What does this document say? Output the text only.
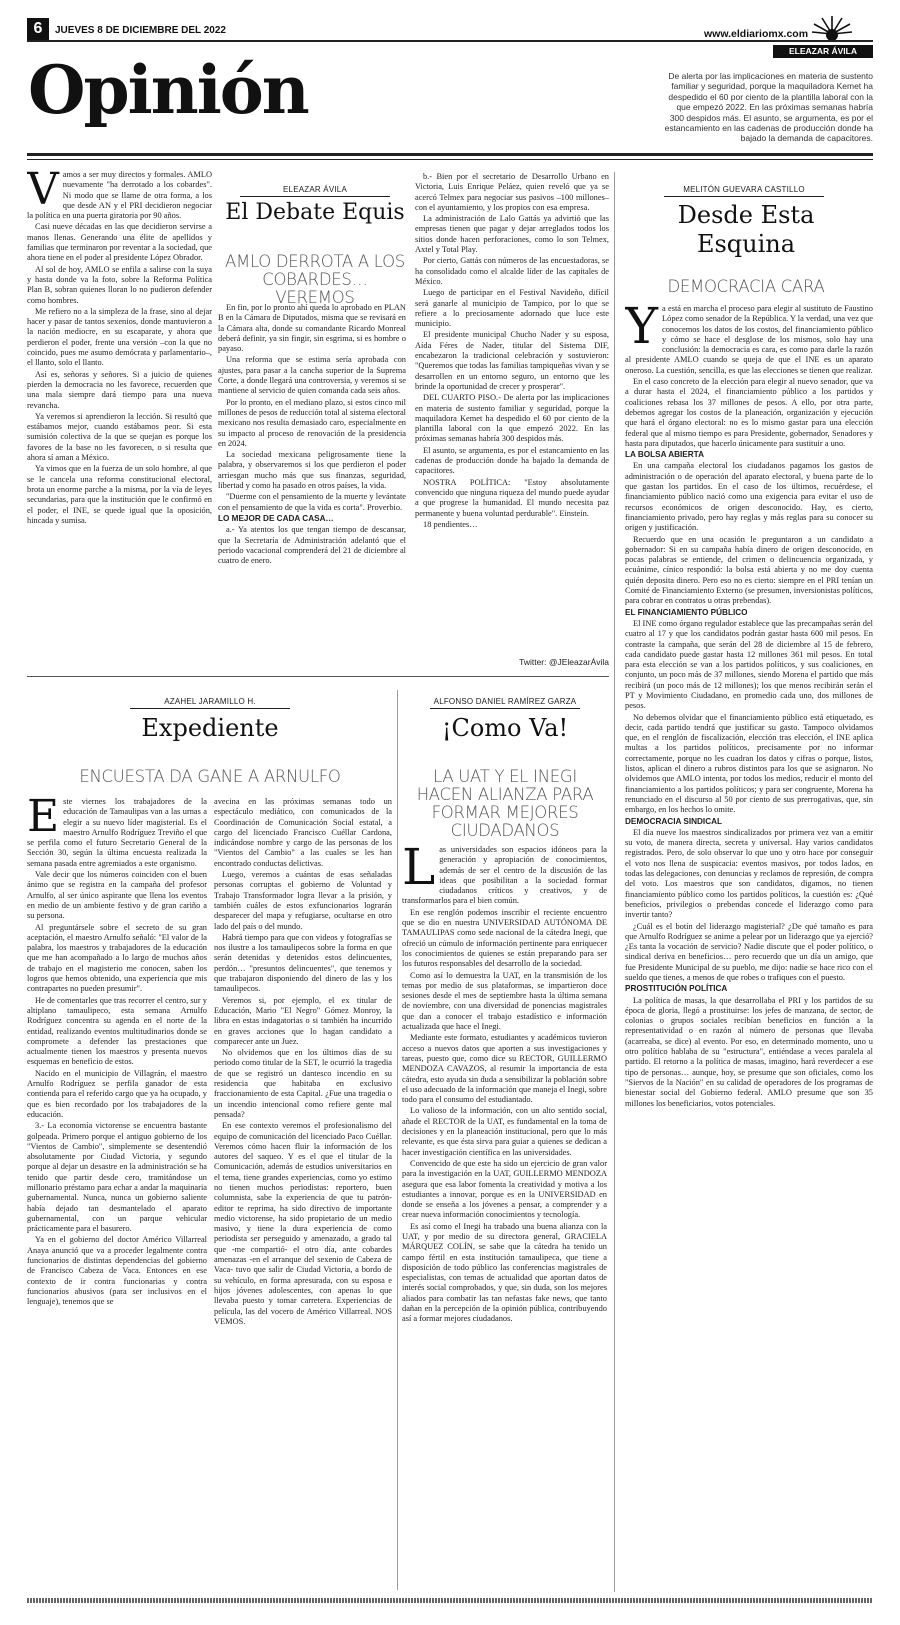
6	JUEVES 8 DE DICIEMBRE DEL 2022	www.eldiariomx.com
ELEAZAR ÁVILA
Opinión	De alerta por las implicaciones en materia de sustento familiar y seguridad, porque la maquiladora Kemet ha despedido el 60 por ciento de la plantilla laboral con la que empezó 2022. En las próximas semanas habría 300 despidos más. El asunto, se argumenta, es por el estancamiento en las cadenas de producción donde ha bajado la demanda de capacitores.

Vamos a ser muy directos y formales. AMLO nuevamente "ha derrotado a los cobardes". Ni modo que se llame de otra forma, a los que desde AN y el PRI decidieron negociar la política en una puerta giratoria por 90 años.

Casi nueve décadas en las que decidieron servirse a manos llenas. Generando una élite de apellidos y familias que terminaron por reventar a la sociedad, que ahora tiene en el poder al presidente López Obrador.

Al sol de hoy, AMLO se enfila a salirse con la suya y hasta donde va la foto, sobre la Reforma Política Plan B, sobran quienes lloran lo no pudieron defender como hombres.

Me refiero no a la simpleza de la frase, sino al dejar hacer y pasar de tantos sexenios, donde mantuvieron a la nación mediocre, en su escaparate, y ahora que perdieron el poder, frente una versión –con la que no coincido, pues me asumo demócrata y parlamentario–, el llanto, solo el llanto.

Así es, señoras y señores. Si a juicio de quienes pierden la democracia no les favorece, recuerden que una mala siempre dará tiempo para una nueva revancha.

Ya veremos si aprendieron la lección. Si resultó que estábamos mejor, cuando estábamos peor. Si esta sumisión colectiva de la que se quejan es porque los favores de la base no les favorecen, o si resulta que ahora sí aman a México.

Ya vimos que en la fuerza de un solo hombre, al que se le cancela una reforma constitucional electoral, brota un enorme parche a la misma, por la vía de leyes secundarias, para que la institución que le confirmó en el poder, el INE, se quede igual que la oposición, hincada y sumisa.

ELEAZAR ÁVILA
El Debate Equis
AMLO DERROTA A LOS COBARDES… VEREMOS

En fin, por lo pronto ahí queda lo aprobado en PLAN B en la Cámara de Diputados, misma que se revisará en la Cámara alta, donde su comandante Ricardo Monreal deberá definir, ya sin fingir, sin esgrima, si es hombre o payaso.

Una reforma que se estima sería aprobada con ajustes, para pasar a la cancha superior de la Suprema Corte, a donde llegará una controversia, y veremos si se mantiene al servicio de quien comanda cada seis años.

Por lo pronto, en el mediano plazo, si estos cinco mil millones de pesos de reducción total al sistema electoral mexicano nos resulta demasiado caro, especialmente en su impacto al proceso de renovación de la presidencia en 2024.

La sociedad mexicana peligrosamente tiene la palabra, y observaremos si los que perdieron el poder arriesgan mucho más que sus finanzas, seguridad, libertad y como ha pasado en otros países, la vida.

"Duerme con el pensamiento de la muerte y levántate con el pensamiento de que la vida es corta". Proverbio.

LO MEJOR DE CADA CASA…

a.- Ya atentos los que tengan tiempo de descansar, que la Secretaría de Administración adelantó que el periodo vacacional comprenderá del 21 de diciembre al cuatro de enero.

b.- Bien por el secretario de Desarrollo Urbano en Victoria, Luis Enrique Peláez, quien reveló que ya se acercó Telmex para negociar sus pasivos –100 millones– con el ayuntamiento, y los propios con esa empresa.

La administración de Lalo Gattás ya advirtió que las empresas tienen que pagar y dejar arreglados todos los sitios donde hacen perforaciones, como lo son Telmex, Axtel y Total Play.

Por cierto, Gattás con números de las encuestadoras, se ha consolidado como el alcalde líder de las capitales de México.

Luego de participar en el Festival Navideño, difícil será ganarle al municipio de Tampico, por lo que se refiere a lo preciosamente adornado que luce este municipio.

El presidente municipal Chucho Nader y su esposa, Aída Féres de Nader, titular del Sistema DIF, encabezaron la tradicional celebración y sostuvieron: "Queremos que todas las familias tampiqueñas vivan y se desarrollen en un entorno seguro, un entorno que les brinde la oportunidad de crecer y prosperar".

DEL CUARTO PISO.- De alerta por las implicaciones en materia de sustento familiar y seguridad, porque la maquiladora Kemet ha despedido el 60 por ciento de la plantilla laboral con la que empezó 2022. En las próximas semanas habría 300 despidos más.

El asunto, se argumenta, es por el estancamiento en las cadenas de producción donde ha bajado la demanda de capacitores.

NOSTRA POLÍTICA: "Estoy absolutamente convencido que ninguna riqueza del mundo puede ayudar a que progrese la humanidad. El mundo necesita paz permanente y buena voluntad perdurable". Einstein.

18 pendientes…

Twitter: @JEleazarÁvila
MELITÓN GUEVARA CASTILLO
Desde Esta
Esquina
DEMOCRACIA CARA

Ya está en marcha el proceso para elegir al sustituto de Faustino López como senador de la República. Y la verdad, una vez que conocemos los datos de los costos, del financiamiento público y cómo se hace el desglose de los mismos, solo hay una conclusión: la democracia es cara, es como para darle la razón al presidente AMLO cuando se queja de que el INE es un aparato oneroso. La cuestión, sencilla, es que las elecciones se tienen que realizar.

En el caso concreto de la elección para elegir al nuevo senador, que va a durar hasta el 2024, el financiamiento público a los partidos y coaliciones rebasa los 37 millones de pesos. A ello, por otra parte, debemos agregar los costos de la planeación, organización y ejecución que hará el órgano electoral: no es lo mismo gastar para una elección federal que al mismo tiempo es para Presidente, gobernador, Senadores y hasta para diputados, que hacerlo únicamente para sustituir a uno.

LA BOLSA ABIERTA

En una campaña electoral los ciudadanos pagamos los gastos de administración o de operación del aparato electoral, y buena parte de lo que gastan los partidos. En el caso de los ültimos, recuérdese, el financiamiento público nació como una exigencia para evitar el uso de recursos económicos de origen desconocido. Hay, es cierto, financiamiento privado, pero hay reglas y más reglas para su conocer su origen y justificación.

Recuerdo que en una ocasión le preguntaron a un candidato a gobernador: Si en su campaña había dinero de origen desconocido, en pocas palabras se entiende, del crimen o delincuencia organizada, y ecuánime, cínico respondió: la bolsa está abierta y no me doy cuenta quién deposita dinero. Pero eso no es cierto: siempre en el PRI tenían un Comité de Financiamiento Externo (se presumen, inversionistas políticos, para cobrar en contratos u otras prebendas).

EL FINANCIAMIENTO PÚBLICO

El INE como órgano regulador establece que las precampañas serán del cuatro al 17 y que los candidatos podrán gastar hasta 600 mil pesos. En contraste la campaña, que serán del 28 de diciembre al 15 de febrero, cada candidato puede gastar hasta 12 millones 361 mil pesos. En total para esta elección se van a los partidos políticos, y sus coaliciones, en conjunto, un poco más de 37 millones, siendo Morena el partido que más recibirá (un poco más de 12 millones); los que menos recibirán serán el PT y Movimiento Ciudadano, en promedio cada uno, dos millones de pesos.

No debemos olvidar que el financiamiento público está etiquetado, es decir, cada partido tendrá que justificar su gasto. Tampoco olvidamos que, en el renglón de fiscalización, elección tras elección, el INE aplica multas a los partidos políticos, precisamente por no informar correctamente, porque no les cuadran los datos y cifras o porque, listos, listos, aplican el dinero a rubros distintos para los que se asignaron. No olvidemos que AMLO intenta, por todos los medios, reducir el monto del financiamiento a los partidos políticos; y para ser congruente, Morena ha renunciado en el discurso al 50 por ciento de sus prerrogativas, que, sin embargo, en los hechos lo omite.

DEMOCRACIA SINDICAL

El día nueve los maestros sindicalizados por primera vez van a emitir su voto, de manera directa, secreta y universal. Hay varios candidatos registrados. Pero, de solo observar lo que uno y otro hace por conseguir el voto nos llena de suspicacia: eventos masivos, por todos lados, en todas las delegaciones, con denuncias y reclamos de represión, de compra del voto. Los maestros que son candidatos, digamos, no tienen financiamiento público como los partidos políticos, la cuestión es: ¿Qué beneficios, privilegios o prebendas concede el liderazgo como para invertir tanto?

¿Cuál es el botín del liderazgo magisterial? ¿De qué tamaño es para que Arnulfo Rodríguez se anime a pelear por un liderazgo que ya ejerció? ¿Es tanta la vocación de servicio? Nadie discute que el poder político, o sindical deriva en beneficios… pero recuerdo que un día un amigo, que fue Presidente Municipal de su pueblo, me dijo: nadie se hace rico con el sueldo que tienes, a menos de que robes o trafiques con el puesto.

PROSTITUCIÓN POLÍTICA

La política de masas, la que desarrollaba el PRI y los partidos de su época de gloria, llegó a prostituirse: los jefes de manzana, de sector, de colonias o grupos sociales recibían beneficios en función a la representatividad o en razón al número de personas que llevaba (acarreaba, se dice) al evento. Por eso, en determinado momento, uno u otro político hablaba de su "estructura", entiéndase a veces paralela al partido. El retorno a la política de masas, imagino, hará reverdecer a ese tipo de personas… aunque, hoy, se presume que son oficiales, como los "Siervos de la Nación" en su calidad de operadores de los programas de bienestar social del Gobierno federal. AMLO presume que son 35 millones los beneficiarios, votos potenciales.

AZAHEL JARAMILLO H.
Expediente
ENCUESTA DA GANE A ARNULFO

Este viernes los trabajadores de la educación de Tamaulipas van a las urnas a elegir a su nuevo líder magisterial. Es el maestro Arnulfo Rodríguez Treviño el que se perfila como el futuro Secretario General de la Sección 30, según la última encuesta realizada la semana pasada entre agremiados a este organismo.

Vale decir que los números coinciden con el buen ánimo que se registra en la campaña del profesor Arnulfo, al ser único aspirante que llena los eventos en medio de un ambiente festivo y de gran cariño a su persona.

Al preguntársele sobre el secreto de su gran aceptación, el maestro Arnulfo señaló: "El valor de la palabra, los maestros y trabajadores de la educación que me han acompañado a lo largo de muchos años de trabajo en el magisterio me conocen, saben los logros que hemos obtenido, una experiencia que mis contrapartes no pueden presumir".

He de comentarles que tras recorrer el centro, sur y altiplano tamaulipeco, esta semana Arnulfo Rodríguez concentra su agenda en el norte de la entidad, realizando eventos multitudinarios donde se compromete a defender las prestaciones que actualmente tienen los maestros y presenta nuevos esquemas en beneficio de estos.

Nacido en el municipio de Villagrán, el maestro Arnulfo Rodríguez se perfila ganador de esta contienda para el referido cargo que ya ha ocupado, y que es bien recordado por los trabajadores de la educación.

3.- La economía victorense se encuentra bastante golpeada. Primero porque el antiguo gobierno de los "Vientos de Cambio", simplemente se desentendió absolutamente por Ciudad Victoria, y segundo porque al dejar un desastre en la administración se ha tenido que partir desde cero, tramitándose un millonario préstamo para echar a andar la maquinaria gubernamental. Nunca, nunca un gobierno saliente había dejado tan desmantelado el aparato gubernamental, con un parque vehicular prácticamente para el basurero.

Ya en el gobierno del doctor Américo Villarreal Anaya anunció que va a proceder legalmente contra funcionarios de distintas dependencias del gobierno de Francisco Cabeza de Vaca. Entonces en ese contexto de ir contra funcionarias y contra funcionarios abusivos (para ser inclusivos en el lenguaje), tenemos que se

avecina en las próximas semanas todo un espectáculo mediático, con comunicados de la Coordinación de Comunicación Social estatal, a cargo del licenciado Francisco Cuéllar Cardona, indicándose nombre y cargo de las personas de los "Vientos del Cambio" a las cuales se les han encontrado conductas delictivas.

Luego, veremos a cuántas de esas señaladas personas corruptas el gobierno de Voluntad y Trabajo Transformador logra llevar a la prisión, y también cuáles de estos exfuncionarios lograrán desparecer del mapa y refugiarse, ocultarse en otro lado del país o del mundo.

Habrá tiempo para que con videos y fotografías se nos ilustre a los tamaulipecos sobre la forma en que serán detenidas y detenidos estos delincuentes, perdón… "presuntos delincuentes", que tenemos y que trabajaron disponiendo del dinero de las y los tamaulipecos.

Veremos si, por ejemplo, el ex titular de Educación, Mario "El Negro" Gómez Monroy, la libra en estas indagatorias o si también ha incurrido en graves acciones que lo hagan candidato a comparecer ante un Juez.

No olvidemos que en los últimos días de su periodo como titular de la SET, le ocurrió la tragedia de que se registró un dantesco incendio en su residencia que habitaba en exclusivo fraccionamiento de esta Capital. ¿Fue una tragedia o un incendio intencional como refiere gente mal pensada?

En ese contexto veremos el profesionalismo del equipo de comunicación del licenciado Paco Cuéllar. Veremos cómo hacen fluir la información de los autores del saqueo. Y es el que el titular de la Comunicación, además de estudios universitarios en el tema, tiene grandes experiencias, como yo estimo no tienen muchos periodistas: reportero, buen columnista, sabe la experiencia de que tu patrón-editor te reprima, ha sido directivo de importante medio victorense, ha sido propietario de un medio masivo, y tiene la dura experiencia de como periodista ser perseguido y amenazado, a grado tal que -me compartió- el otro día, ante cobardes amenazas -en el arranque del sexenio de Cabeza de Vaca- tuvo que salir de Ciudad Victoria, a bordo de su vehículo, en forma apresurada, con su esposa e hijos jóvenes adolescentes, con apenas lo que llevaba puesto y tomar carretera. Experiencias de película, las del vocero de Américo Villarreal. NOS VEMOS.

ALFONSO DANIEL RAMÍREZ GARZA
¡Como Va!
LA UAT Y EL INEGI HACEN ALIANZA PARA FORMAR MEJORES CIUDADANOS

Las universidades son espacios idóneos para la generación y apropiación de conocimientos, además de ser el centro de la discusión de las ideas que posibilitan a la sociedad formar ciudadanos críticos y creativos, y de transformarlos para el bien común.

En ese renglón podemos inscribir el reciente encuentro que se dio en nuestra UNIVERSIDAD AUTÓNOMA DE TAMAULIPAS como sede nacional de la cátedra Inegi, que ofreció un cúmulo de información pertinente para enriquecer los conocimientos de quienes se están preparando para ser los futuros responsables del desarrollo de la sociedad.

Como así lo demuestra la UAT, en la transmisión de los temas por medio de sus plataformas, se impartieron doce sesiones desde el mes de septiembre hasta la última semana de noviembre, con una diversidad de ponencias magistrales que dan a conocer el trabajo estadístico e información actualizada que hace el Inegi.

Mediante este formato, estudiantes y académicos tuvieron acceso a nuevos datos que aporten a sus investigaciones y tareas, puesto que, como dice su RECTOR, GUILLERMO MENDOZA CAVAZOS, al resumir la importancia de esta cátedra, esto ayuda sin duda a sensibilizar la población sobre el uso adecuado de la información que maneja el Inegi, sobre todo para el consumo del estudiantado.

Lo valioso de la información, con un alto sentido social, añade el RECTOR de la UAT, es fundamental en la toma de decisiones y en la planeación institucional, pero que lo más relevante, es que ésta sirva para guiar a quienes se dedican a hacer investigación científica en las universidades.

Convencido de que este ha sido un ejercicio de gran valor para la investigación en la UAT, GUILLERMO MENDOZA asegura que esa labor fomenta la creatividad y motiva a los estudiantes a innovar, porque es en la UNIVERSIDAD en donde se enseña a los jóvenes a pensar, a comprender y a crear nueva información conocimientos y tecnología.

Es así como el Inegi ha trabado una buena alianza con la UAT, y por medio de su directora general, GRACIELA MÁRQUEZ COLÍN, se sabe que la cátedra ha tenido un campo fértil en esta institución tamaulipeca, que tiene a disposición de todo público las conferencias magistrales de especialistas, con temas de actualidad que aportan datos de interés social comprobados, y que, sin duda, son los mejores aliados para combatir las tan nefastas fake news, que tanto dañan en la percepción de la opinión pública, contribuyendo así a formar mejores ciudadanos.
